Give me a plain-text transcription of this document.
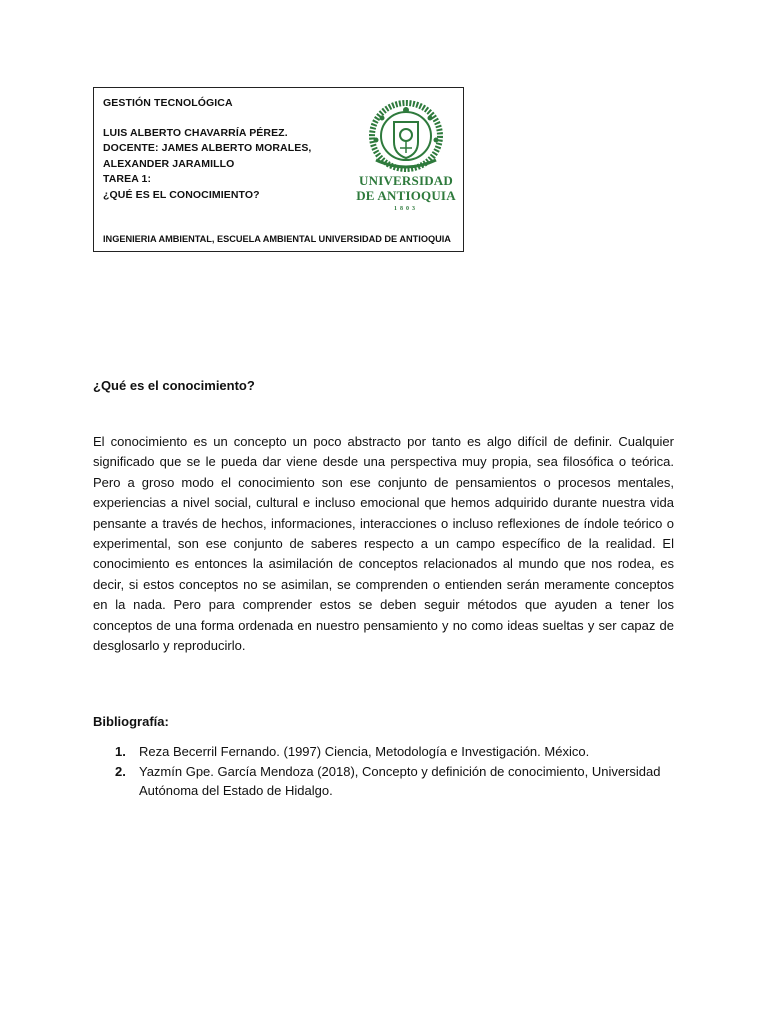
GESTIÓN TECNOLÓGICA
LUIS ALBERTO CHAVARRÍA PÉREZ.
DOCENTE: JAMES ALBERTO MORALES,
ALEXANDER JARAMILLO
TAREA 1:
¿QUÉ ES EL CONOCIMIENTO?
UNIVERSIDAD
DE ANTIOQUIA
1803
INGENIERIA AMBIENTAL, ESCUELA AMBIENTAL UNIVERSIDAD DE ANTIOQUIA
¿Qué es el conocimiento?
El conocimiento es un concepto un poco abstracto por tanto es algo difícil de definir. Cualquier significado que se le pueda dar viene desde una perspectiva muy propia, sea filosófica o teórica. Pero a groso modo el conocimiento son ese conjunto de pensamientos o procesos mentales, experiencias a nivel social, cultural e incluso emocional que hemos adquirido durante nuestra vida pensante a través de hechos, informaciones, interacciones o incluso reflexiones de índole teórico o experimental, son ese conjunto de saberes respecto a un campo específico de la realidad. El conocimiento es entonces la asimilación de conceptos relacionados al mundo que nos rodea, es decir, si estos conceptos no se asimilan, se comprenden o entienden serán meramente conceptos en la nada. Pero para comprender estos se deben seguir métodos que ayuden a tener los conceptos de una forma ordenada en nuestro pensamiento y no como ideas sueltas y ser capaz de desglosarlo y reproducirlo.
Bibliografía:
1. Reza Becerril Fernando. (1997) Ciencia, Metodología e Investigación. México.
2. Yazmín Gpe. García Mendoza (2018), Concepto y definición de conocimiento, Universidad Autónoma del Estado de Hidalgo.
